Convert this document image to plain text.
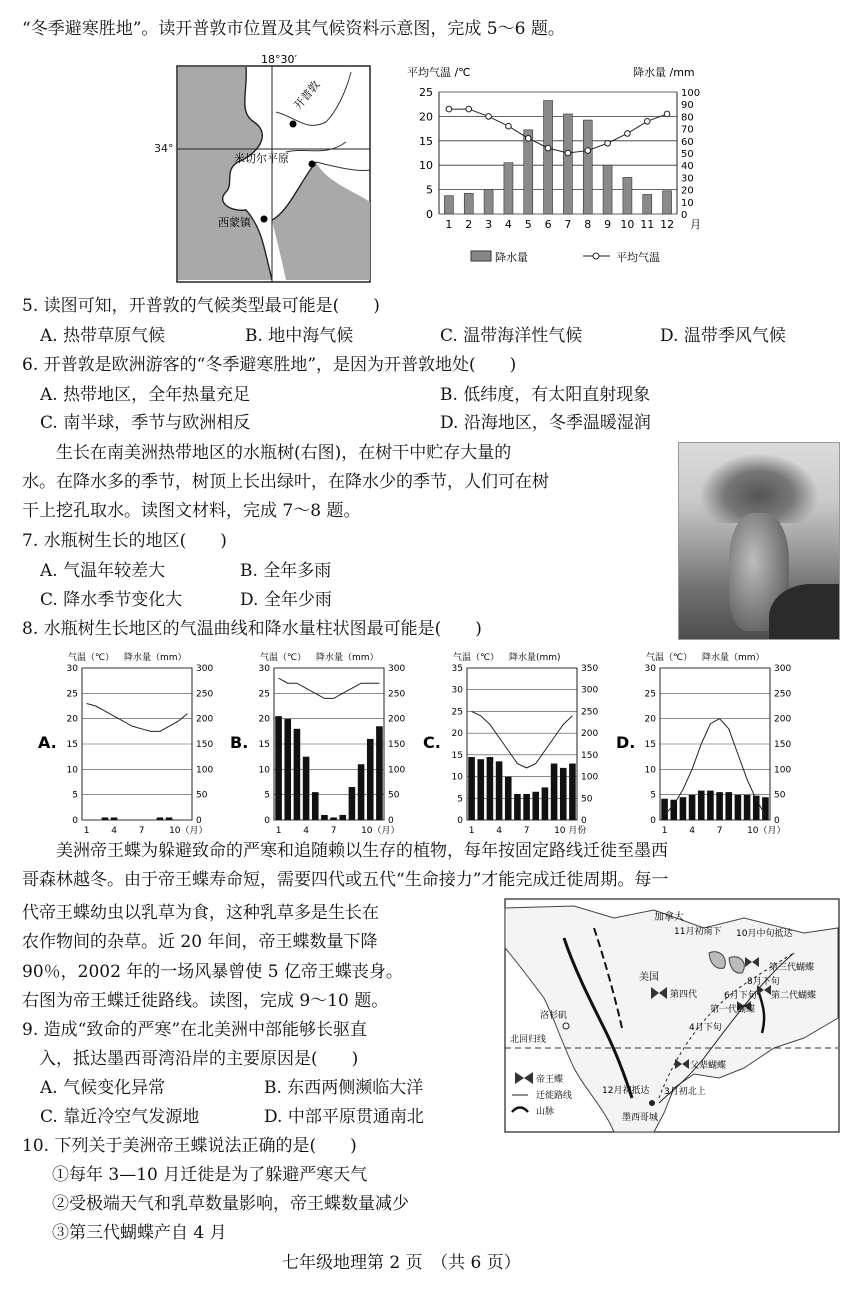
“冬季避寒胜地”。读开普敦市位置及其气候资料示意图，完成 5～6 题。
18°30′
开普敦
米切尔平原
西蒙镇
34°
平均气温 /℃	降水量 /mm
0
5
10
15
20
25
0
10
20
30
40
50
60
70
80
90
100
1 2 3 4 5 6 7 8 9 10 11 12 月
降水量	平均气温
5. 读图可知，开普敦的气候类型最可能是(　　)
A. 热带草原气候	B. 地中海气候	C. 温带海洋性气候	D. 温带季风气候
6. 开普敦是欧洲游客的“冬季避寒胜地”，是因为开普敦地处(　　)
A. 热带地区，全年热量充足	B. 低纬度，有太阳直射现象
C. 南半球，季节与欧洲相反	D. 沿海地区，冬季温暖湿润
　　生长在南美洲热带地区的水瓶树(右图)，在树干中贮存大量的
水。在降水多的季节，树顶上长出绿叶，在降水少的季节，人们可在树
干上挖孔取水。读图文材料，完成 7～8 题。
7. 水瓶树生长的地区(　　)
A. 气温年较差大	B. 全年多雨
C. 降水季节变化大	D. 全年少雨
8. 水瓶树生长地区的气温曲线和降水量柱状图最可能是(　　)
A.
气温（℃） 降水量（mm）
0
5
10
15
20
25
30
0
50
100
150
200
250
300
1 4 7	10（月）
B.
气温（℃） 降水量（mm）
0
5
10
15
20
25
30
0
50
100
150
200
250
300
1 4 7	10（月）
C.
气温（℃） 降水量(mm)
0
5
10
15
20
25
30
35
0
50
100
150
200
250
300
350
1 4 7	10 月份
D.
气温（℃） 降水量（mm）
0
5
10
15
20
25
30
0
50
100
150
200
250
300
1 4 7	10（月）
　　美洲帝王蝶为躲避致命的严寒和追随赖以生存的植物，每年按固定路线迁徙至墨西
哥森林越冬。由于帝王蝶寿命短，需要四代或五代“生命接力”才能完成迁徙周期。每一
代帝王蝶幼虫以乳草为食，这种乳草多是生长在
农作物间的杂草。近 20 年间，帝王蝶数量下降
90％，2002 年的一场风暴曾使 5 亿帝王蝶丧身。
右图为帝王蝶迁徙路线。读图，完成 9～10 题。
9. 造成“致命的严寒”在北美洲中部能够长驱直
　入，抵达墨西哥湾沿岸的主要原因是(　　)
A. 气候变化异常	B. 东西两侧濒临大洋
C. 靠近冷空气发源地	D. 中部平原贯通南北
10. 下列关于美洲帝王蝶说法正确的是(　　)
①每年 3—10 月迁徙是为了躲避严寒天气
②受极端天气和乳草数量影响，帝王蝶数量减少
③第三代蝴蝶产自 4 月
加拿大
美国
洛杉矶
北回归线
墨西哥城
11月初南下 10月中旬抵达
第三代蝴蝶
8月下旬
第四代	6月下旬 第二代蝴蝶
第一代蝴蝶
4月下旬
父辈蝴蝶
12月初抵达 3月初北上
帝王蝶
迁徙路线
山脉
七年级地理第 2 页　（共 6 页）
